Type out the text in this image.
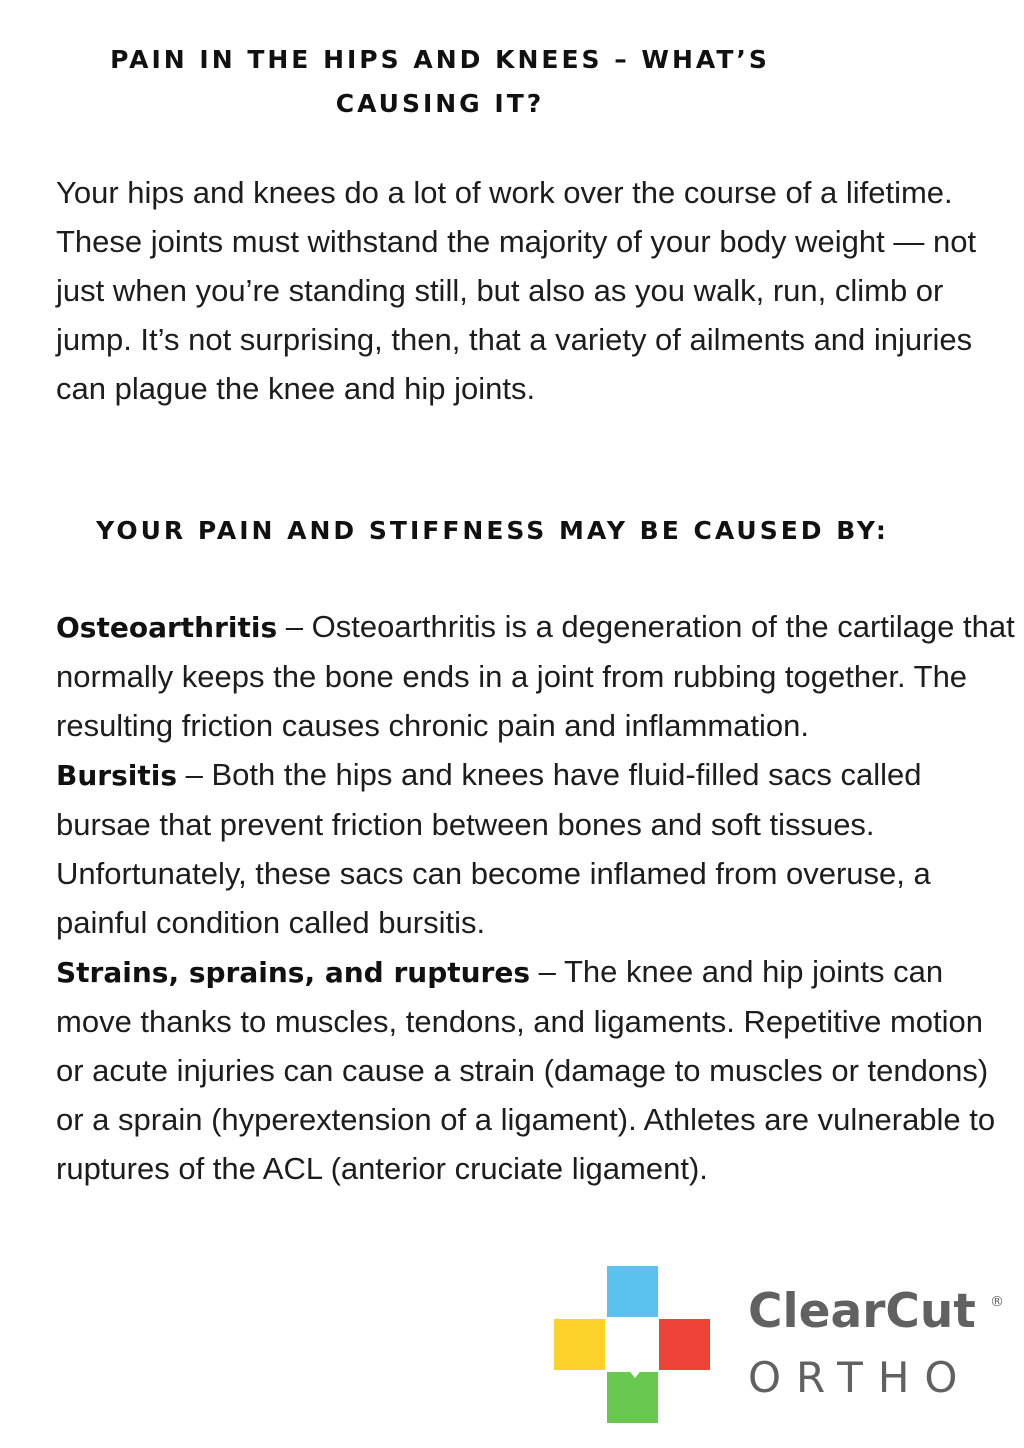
PAIN IN THE HIPS AND KNEES – WHAT’S CAUSING IT?

Your hips and knees do a lot of work over the course of a lifetime. These joints must withstand the majority of your body weight — not just when you’re standing still, but also as you walk, run, climb or jump. It’s not surprising, then, that a variety of ailments and injuries can plague the knee and hip joints.

YOUR PAIN AND STIFFNESS MAY BE CAUSED BY:
Osteoarthritis – Osteoarthritis is a degeneration of the cartilage that normally keeps the bone ends in a joint from rubbing together. The resulting friction causes chronic pain and inflammation.
Bursitis – Both the hips and knees have fluid-filled sacs called bursae that prevent friction between bones and soft tissues. Unfortunately, these sacs can become inflamed from overuse, a painful condition called bursitis.
Strains, sprains, and ruptures – The knee and hip joints can move thanks to muscles, tendons, and ligaments. Repetitive motion or acute injuries can cause a strain (damage to muscles or tendons) or a sprain (hyperextension of a ligament). Athletes are vulnerable to ruptures of the ACL (anterior cruciate ligament).

ClearCut ®

ORTHO
